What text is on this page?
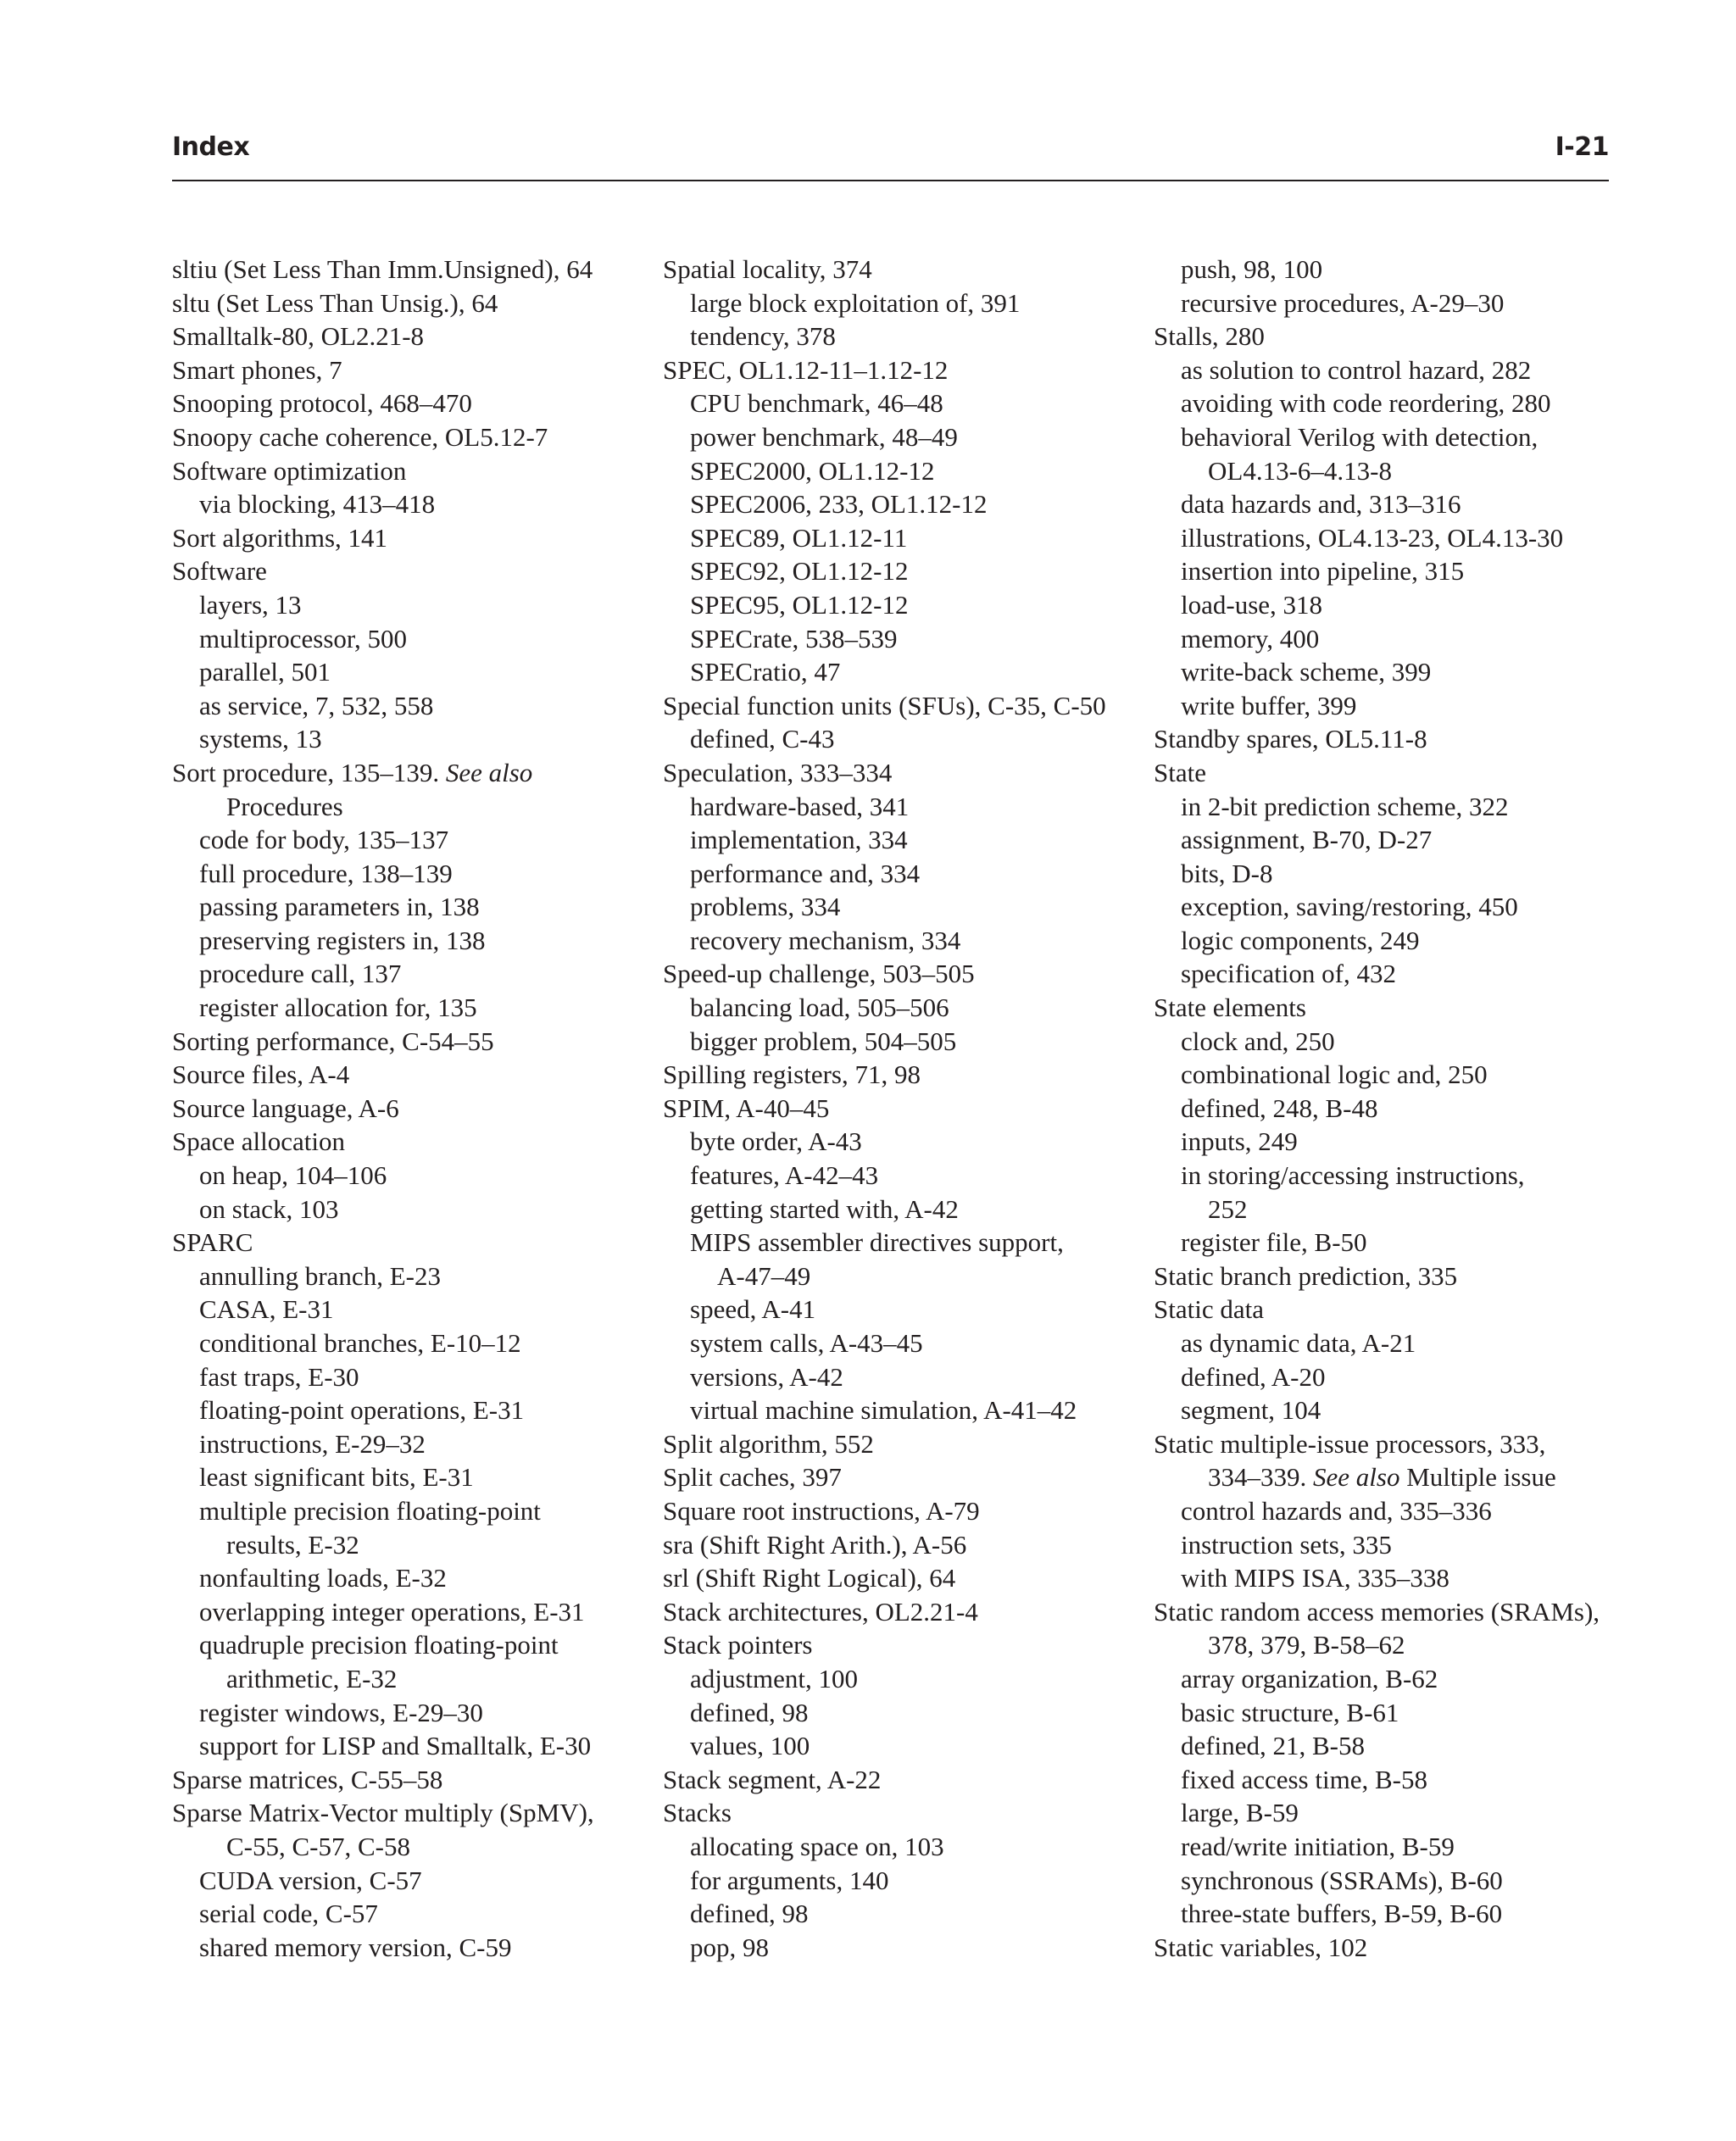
Index	I-21
sltiu (Set Less Than Imm.Unsigned), 64
sltu (Set Less Than Unsig.), 64
Smalltalk-80, OL2.21-8
Smart phones, 7
Snooping protocol, 468–470
Snoopy cache coherence, OL5.12-7
Software optimization
via blocking, 413–418
Sort algorithms, 141
Software
layers, 13
multiprocessor, 500
parallel, 501
as service, 7, 532, 558
systems, 13
Sort procedure, 135–139. See also
Procedures
code for body, 135–137
full procedure, 138–139
passing parameters in, 138
preserving registers in, 138
procedure call, 137
register allocation for, 135
Sorting performance, C-54–55
Source files, A-4
Source language, A-6
Space allocation
on heap, 104–106
on stack, 103
SPARC
annulling branch, E-23
CASA, E-31
conditional branches, E-10–12
fast traps, E-30
floating-point operations, E-31
instructions, E-29–32
least significant bits, E-31
multiple precision floating-point
results, E-32
nonfaulting loads, E-32
overlapping integer operations, E-31
quadruple precision floating-point
arithmetic, E-32
register windows, E-29–30
support for LISP and Smalltalk, E-30
Sparse matrices, C-55–58
Sparse Matrix-Vector multiply (SpMV),
C-55, C-57, C-58
CUDA version, C-57
serial code, C-57
shared memory version, C-59
Spatial locality, 374
large block exploitation of, 391
tendency, 378
SPEC, OL1.12-11–1.12-12
CPU benchmark, 46–48
power benchmark, 48–49
SPEC2000, OL1.12-12
SPEC2006, 233, OL1.12-12
SPEC89, OL1.12-11
SPEC92, OL1.12-12
SPEC95, OL1.12-12
SPECrate, 538–539
SPECratio, 47
Special function units (SFUs), C-35, C-50
defined, C-43
Speculation, 333–334
hardware-based, 341
implementation, 334
performance and, 334
problems, 334
recovery mechanism, 334
Speed-up challenge, 503–505
balancing load, 505–506
bigger problem, 504–505
Spilling registers, 71, 98
SPIM, A-40–45
byte order, A-43
features, A-42–43
getting started with, A-42
MIPS assembler directives support,
A-47–49
speed, A-41
system calls, A-43–45
versions, A-42
virtual machine simulation, A-41–42
Split algorithm, 552
Split caches, 397
Square root instructions, A-79
sra (Shift Right Arith.), A-56
srl (Shift Right Logical), 64
Stack architectures, OL2.21-4
Stack pointers
adjustment, 100
defined, 98
values, 100
Stack segment, A-22
Stacks
allocating space on, 103
for arguments, 140
defined, 98
pop, 98
push, 98, 100
recursive procedures, A-29–30
Stalls, 280
as solution to control hazard, 282
avoiding with code reordering, 280
behavioral Verilog with detection,
OL4.13-6–4.13-8
data hazards and, 313–316
illustrations, OL4.13-23, OL4.13-30
insertion into pipeline, 315
load-use, 318
memory, 400
write-back scheme, 399
write buffer, 399
Standby spares, OL5.11-8
State
in 2-bit prediction scheme, 322
assignment, B-70, D-27
bits, D-8
exception, saving/restoring, 450
logic components, 249
specification of, 432
State elements
clock and, 250
combinational logic and, 250
defined, 248, B-48
inputs, 249
in storing/accessing instructions,
252
register file, B-50
Static branch prediction, 335
Static data
as dynamic data, A-21
defined, A-20
segment, 104
Static multiple-issue processors, 333,
334–339. See also Multiple issue
control hazards and, 335–336
instruction sets, 335
with MIPS ISA, 335–338
Static random access memories (SRAMs),
378, 379, B-58–62
array organization, B-62
basic structure, B-61
defined, 21, B-58
fixed access time, B-58
large, B-59
read/write initiation, B-59
synchronous (SSRAMs), B-60
three-state buffers, B-59, B-60
Static variables, 102
